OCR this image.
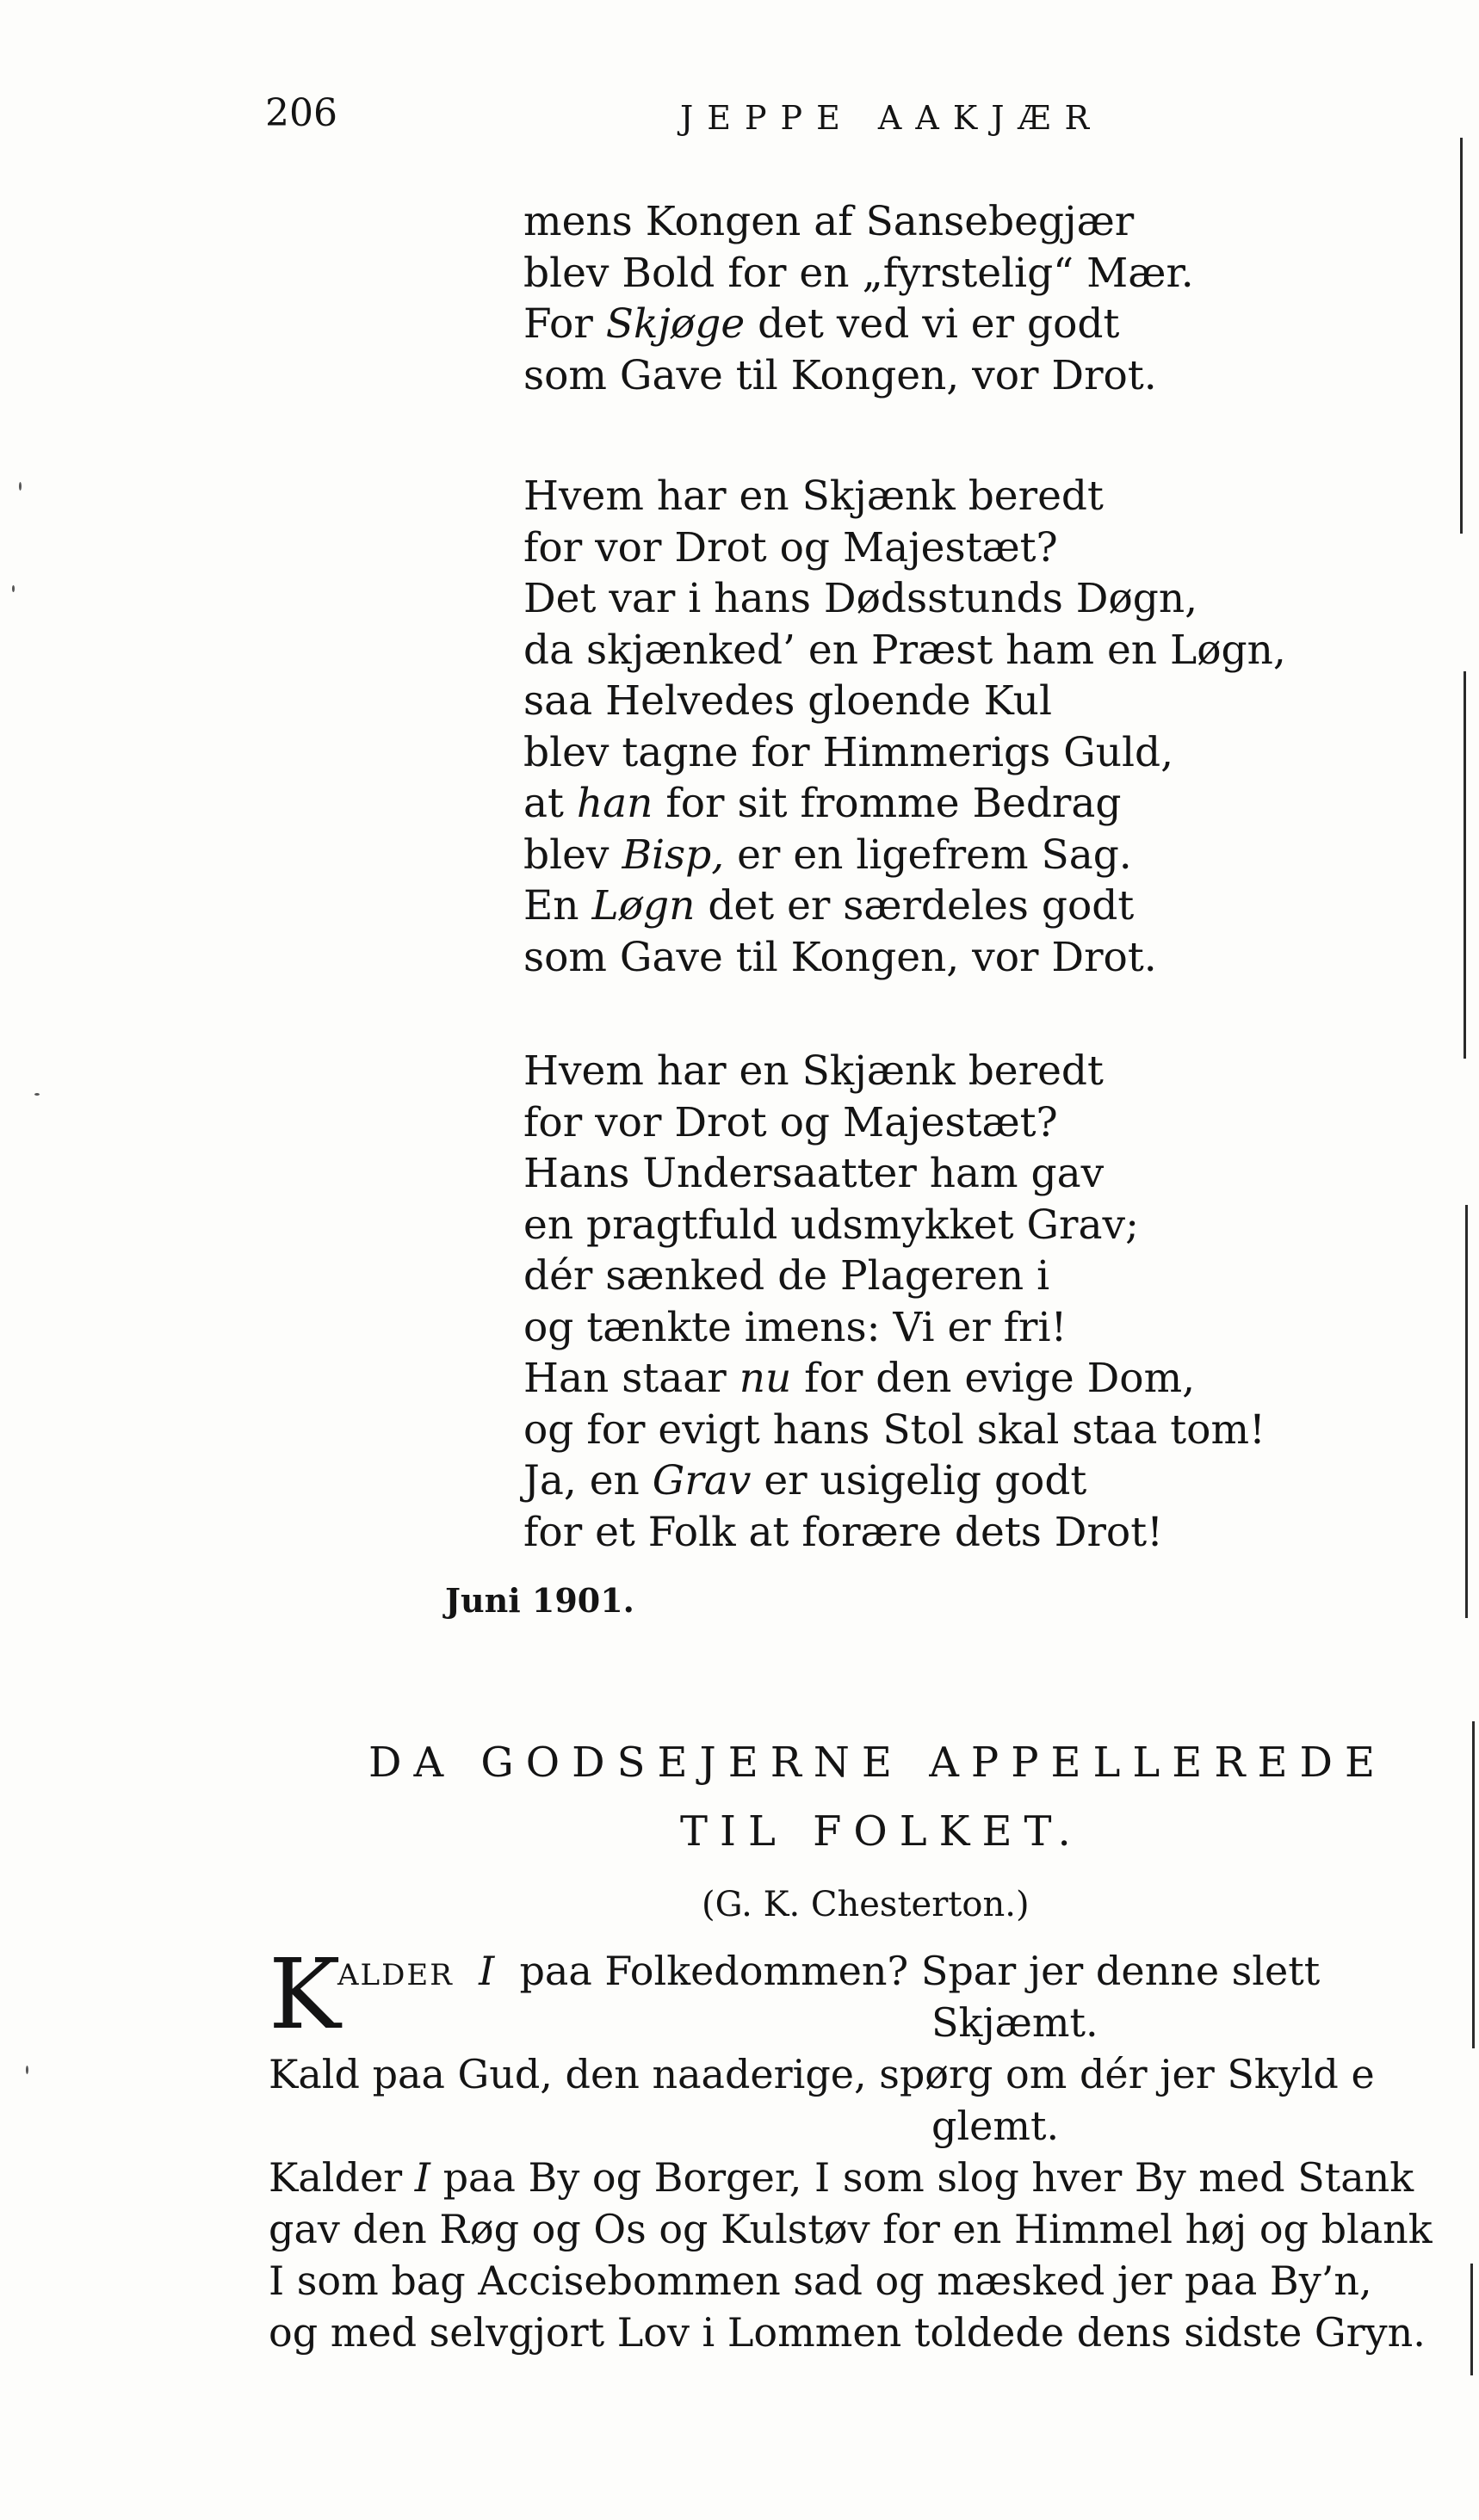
206	JEPPE AAKJÆR
mens Kongen af Sansebegjær
blev Bold for en „fyrstelig“ Mær.
For Skjøge det ved vi er godt
som Gave til Kongen, vor Drot.
Hvem har en Skjænk beredt
for vor Drot og Majestæt?
Det var i hans Dødsstunds Døgn,
da skjænked’ en Præst ham en Løgn,
saa Helvedes gloende Kul
blev tagne for Himmerigs Guld,
at han for sit fromme Bedrag
blev Bisp, er en ligefrem Sag.
En Løgn det er særdeles godt
som Gave til Kongen, vor Drot.
Hvem har en Skjænk beredt
for vor Drot og Majestæt?
Hans Undersaatter ham gav
en pragtfuld udsmykket Grav;
dér sænked de Plageren i
og tænkte imens: Vi er fri!
Han staar nu for den evige Dom,
og for evigt hans Stol skal staa tom!
Ja, en Grav er usigelig godt
for et Folk at forære dets Drot!
Juni 1901.
DA GODSEJERNE APPELLEREDE
TIL FOLKET.
(G. K. Chesterton.)
K
ALDER I paa Folkedommen? Spar jer denne slett
Skjæmt.
Kald paa Gud, den naaderige, spørg om dér jer Skyld e
glemt.
Kalder I paa By og Borger, I som slog hver By med Stank
gav den Røg og Os og Kulstøv for en Himmel høj og blank
I som bag Accisebommen sad og mæsked jer paa By’n,
og med selvgjort Lov i Lommen toldede dens sidste Gryn.
